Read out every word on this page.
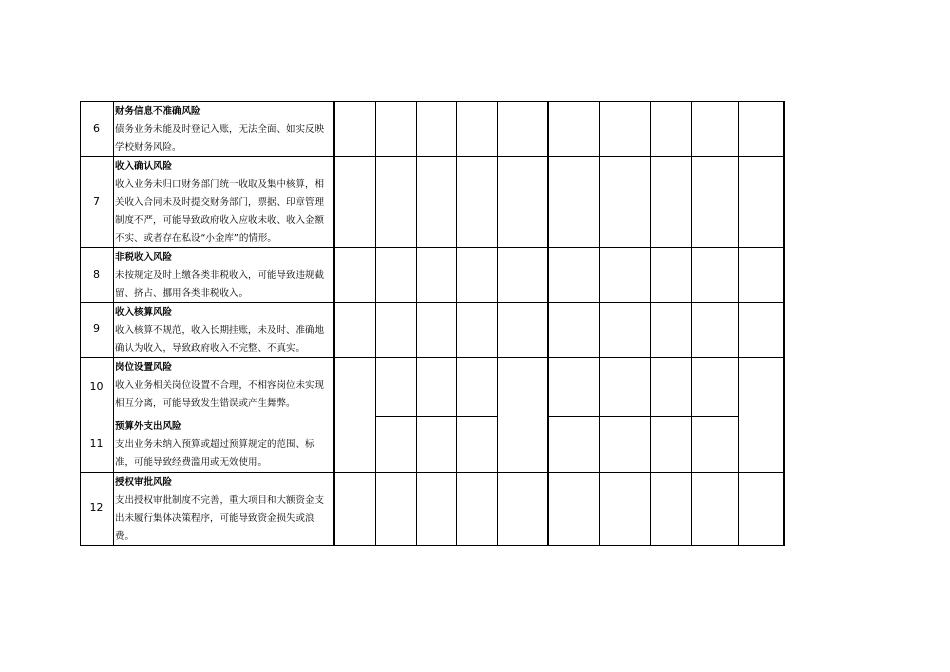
6
7
8
9
10
11
12
财务信息不准确风险
债务业务未能及时登记入账，无法全面、如实反映
学校财务风险。
收入确认风险
收入业务未归口财务部门统一收取及集中核算，相
关收入合同未及时提交财务部门，票据、印章管理
制度不严，可能导致政府收入应收未收、收入金额
不实、或者存在私设“小金库”的情形。
非税收入风险
未按规定及时上缴各类非税收入，可能导致违规截
留、挤占、挪用各类非税收入。
收入核算风险
收入核算不规范，收入长期挂账，未及时、准确地
确认为收入，导致政府收入不完整、不真实。
岗位设置风险
收入业务相关岗位设置不合理，不相容岗位未实现
相互分离，可能导致发生错误或产生舞弊。
预算外支出风险
支出业务未纳入预算或超过预算规定的范围、标
准，可能导致经费滥用或无效使用。
授权审批风险
支出授权审批制度不完善，重大项目和大额资金支
出未履行集体决策程序，可能导致资金损失或浪
费。
